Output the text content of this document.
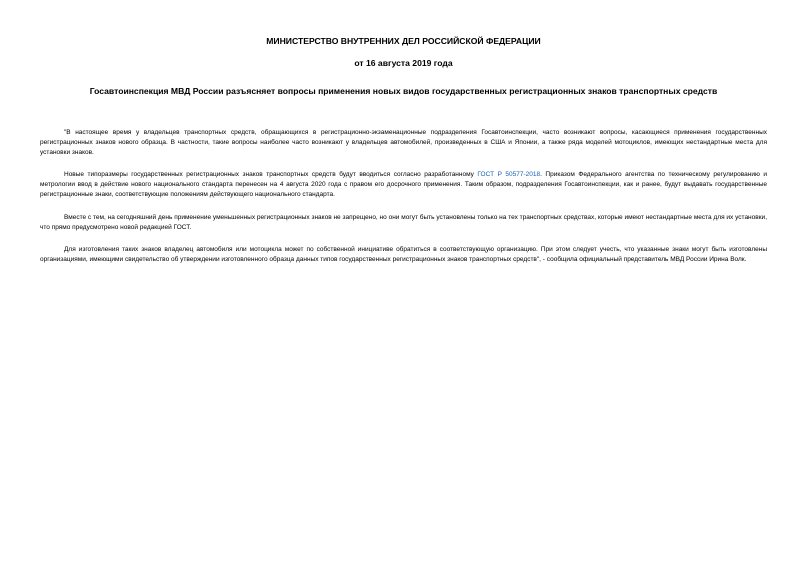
МИНИСТЕРСТВО ВНУТРЕННИХ ДЕЛ РОССИЙСКОЙ ФЕДЕРАЦИИ

от 16 августа 2019 года

Госавтоинспекция МВД России разъясняет вопросы применения новых видов государственных регистрационных знаков транспортных средств

"В настоящее время у владельцев транспортных средств, обращающихся в регистрационно-экзаменационные подразделения Госавтоинспекции, часто возникают вопросы, касающиеся применения государственных регистрационных знаков нового образца. В частности, такие вопросы наиболее часто возникают у владельцев автомобилей, произведенных в США и Японии, а также ряда моделей мотоциклов, имеющих нестандартные места для установки знаков.

Новые типоразмеры государственных регистрационных знаков транспортных средств будут вводиться согласно разработанному ГОСТ Р 50577-2018. Приказом Федерального агентства по техническому регулированию и метрологии ввод в действие нового национального стандарта перенесен на 4 августа 2020 года с правом его досрочного применения. Таким образом, подразделения Госавтоинспекции, как и ранее, будут выдавать государственные регистрационные знаки, соответствующие положениям действующего национального стандарта.

Вместе с тем, на сегодняшний день применение уменьшенных регистрационных знаков не запрещено, но они могут быть установлены только на тех транспортных средствах, которые имеют нестандартные места для их установки, что прямо предусмотрено новой редакцией ГОСТ.

Для изготовления таких знаков владелец автомобиля или мотоцикла может по собственной инициативе обратиться в соответствующую организацию. При этом следует учесть, что указанные знаки могут быть изготовлены организациями, имеющими свидетельство об утверждении изготовленного образца данных типов государственных регистрационных знаков транспортных средств", - сообщила официальный представитель МВД России Ирина Волк.
